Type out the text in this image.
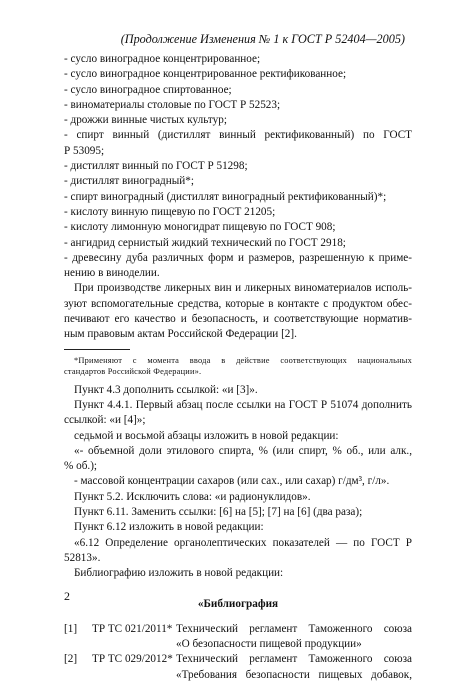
(Продолжение Изменения № 1 к ГОСТ Р 52404—2005)
- сусло виноградное концентрированное;
- сусло виноградное концентрированное ректификованное;
- сусло виноградное спиртованное;
- виноматериалы столовые по ГОСТ Р 52523;
- дрожжи винные чистых культур;

- спирт винный (дистиллят винный ректификованный) по ГОСТ

Р 53095;

- дистиллят винный по ГОСТ Р 51298;
- дистиллят виноградный*;
- спирт виноградный (дистиллят виноградный ректификованный)*;
- кислоту винную пищевую по ГОСТ 21205;
- кислоту лимонную моногидрат пищевую по ГОСТ 908;
- ангидрид сернистый жидкий технический по ГОСТ 2918;

- древесину дуба различных форм и размеров, разрешенную к приме-

нению в виноделии.

При производстве ликерных вин и ликерных виноматериалов исполь-

зуют вспомогательные средства, которые в контакте с продуктом обес-

печивают его качество и безопасность, и соответствующие норматив-

ным правовым актам Российской Федерации [2].

*Применяют с момента ввода в действие соответствующих национальных

стандартов Российской Федерации».

Пункт 4.3 дополнить ссылкой: «и [3]».

Пункт 4.4.1. Первый абзац после ссылки на ГОСТ Р 51074 дополнить

ссылкой: «и [4]»;

седьмой и восьмой абзацы изложить в новой редакции:

«- объемной доли этилового спирта, % (или спирт, % об., или алк.,

% об.);

- массовой концентрации сахаров (или сах., или сахар) г/дм³, г/л».

Пункт 5.2. Исключить слова: «и радионуклидов».

Пункт 6.11. Заменить ссылки: [6] на [5]; [7] на [6] (два раза);

Пункт 6.12 изложить в новой редакции:

«6.12 Определение органолептических показателей — по ГОСТ Р

52813».

Библиографию изложить в новой редакции:

«Библиография
[1]	ТР ТС 021/2011* Технический регламент Таможенного союза
«О безопасности пищевой продукции»
[2]	ТР ТС 029/2012* Технический регламент Таможенного союза
«Требования безопасности пищевых добавок,
2
